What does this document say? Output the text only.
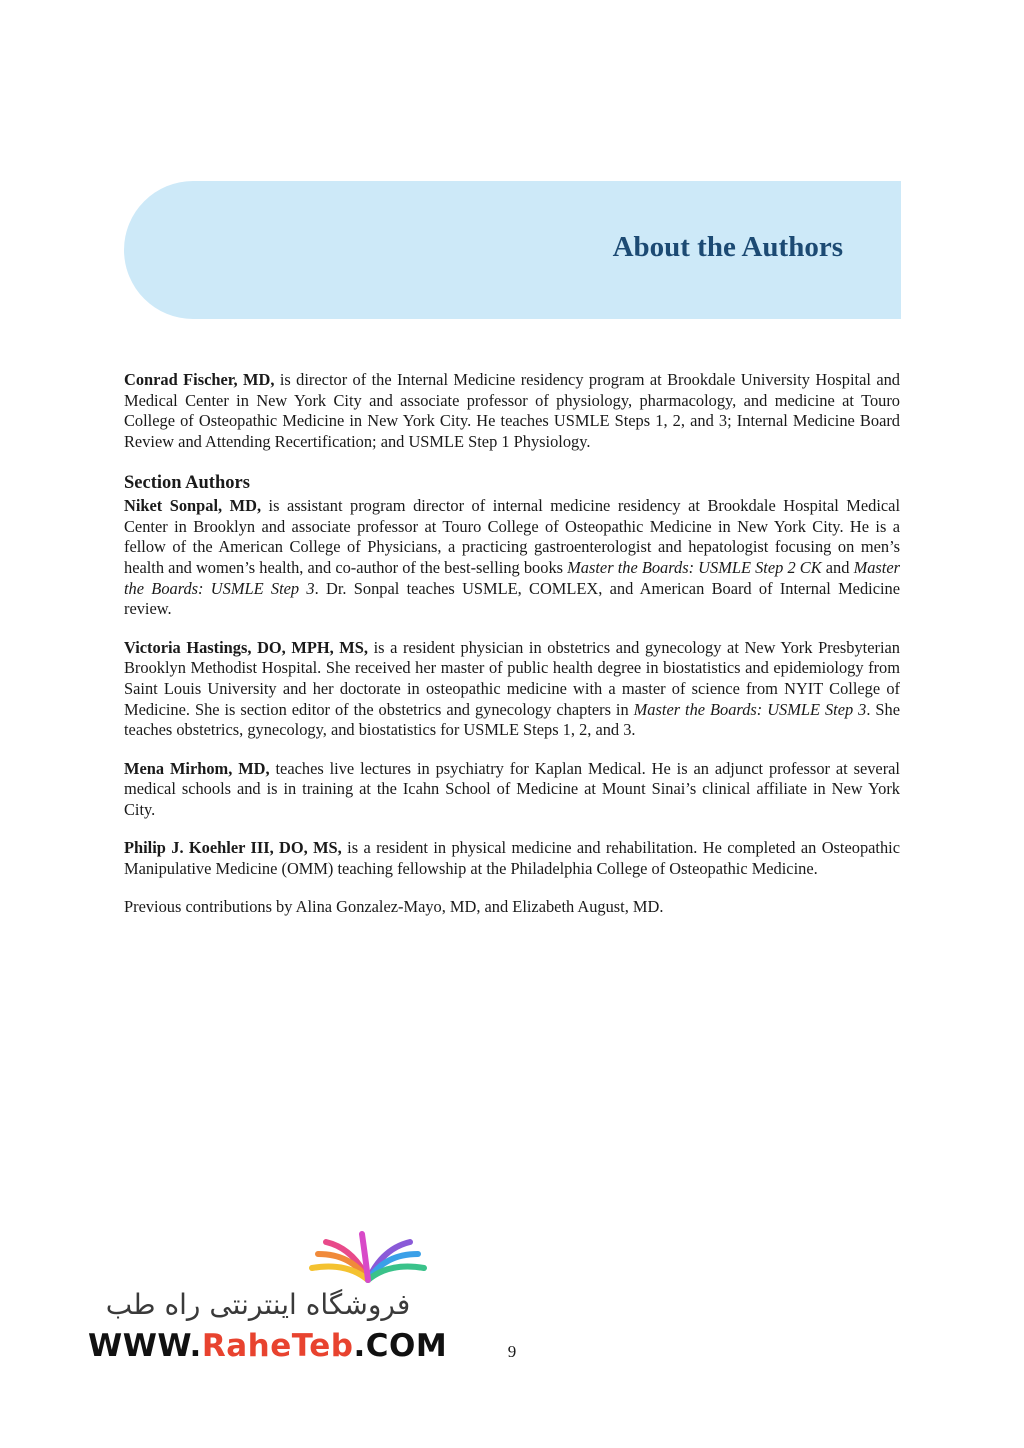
About the Authors

Conrad Fischer, MD, is director of the Internal Medicine residency program at Brookdale University Hospital and Medical Center in New York City and associate professor of physiology, pharmacology, and medicine at Touro College of Osteopathic Medicine in New York City. He teaches USMLE Steps 1, 2, and 3; Internal Medicine Board Review and Attending Recertification; and USMLE Step 1 Physiology.

Section Authors

Niket Sonpal, MD, is assistant program director of internal medicine residency at Brookdale Hospital Medical Center in Brooklyn and associate professor at Touro College of Osteopathic Medicine in New York City. He is a fellow of the American College of Physicians, a practicing gastroenterologist and hepatologist focusing on men’s health and women’s health, and co-author of the best-selling books Master the Boards: USMLE Step 2 CK and Master the Boards: USMLE Step 3. Dr. Sonpal teaches USMLE, COMLEX, and American Board of Internal Medicine review.

Victoria Hastings, DO, MPH, MS, is a resident physician in obstetrics and gynecology at New York Presbyterian Brooklyn Methodist Hospital. She received her master of public health degree in biostatistics and epidemiology from Saint Louis University and her doctorate in osteopathic medicine with a master of science from NYIT College of Medicine. She is section editor of the obstetrics and gynecology chapters in Master the Boards: USMLE Step 3. She teaches obstetrics, gynecology, and biostatistics for USMLE Steps 1, 2, and 3.

Mena Mirhom, MD, teaches live lectures in psychiatry for Kaplan Medical. He is an adjunct professor at several medical schools and is in training at the Icahn School of Medicine at Mount Sinai’s clinical affiliate in New York City.

Philip J. Koehler III, DO, MS, is a resident in physical medicine and rehabilitation. He completed an Osteopathic Manipulative Medicine (OMM) teaching fellowship at the Philadelphia College of Osteopathic Medicine.

Previous contributions by Alina Gonzalez-Mayo, MD, and Elizabeth August, MD.

فروشگاه اینترنتی راه طب
WWW.RaheTeb.COM	9
